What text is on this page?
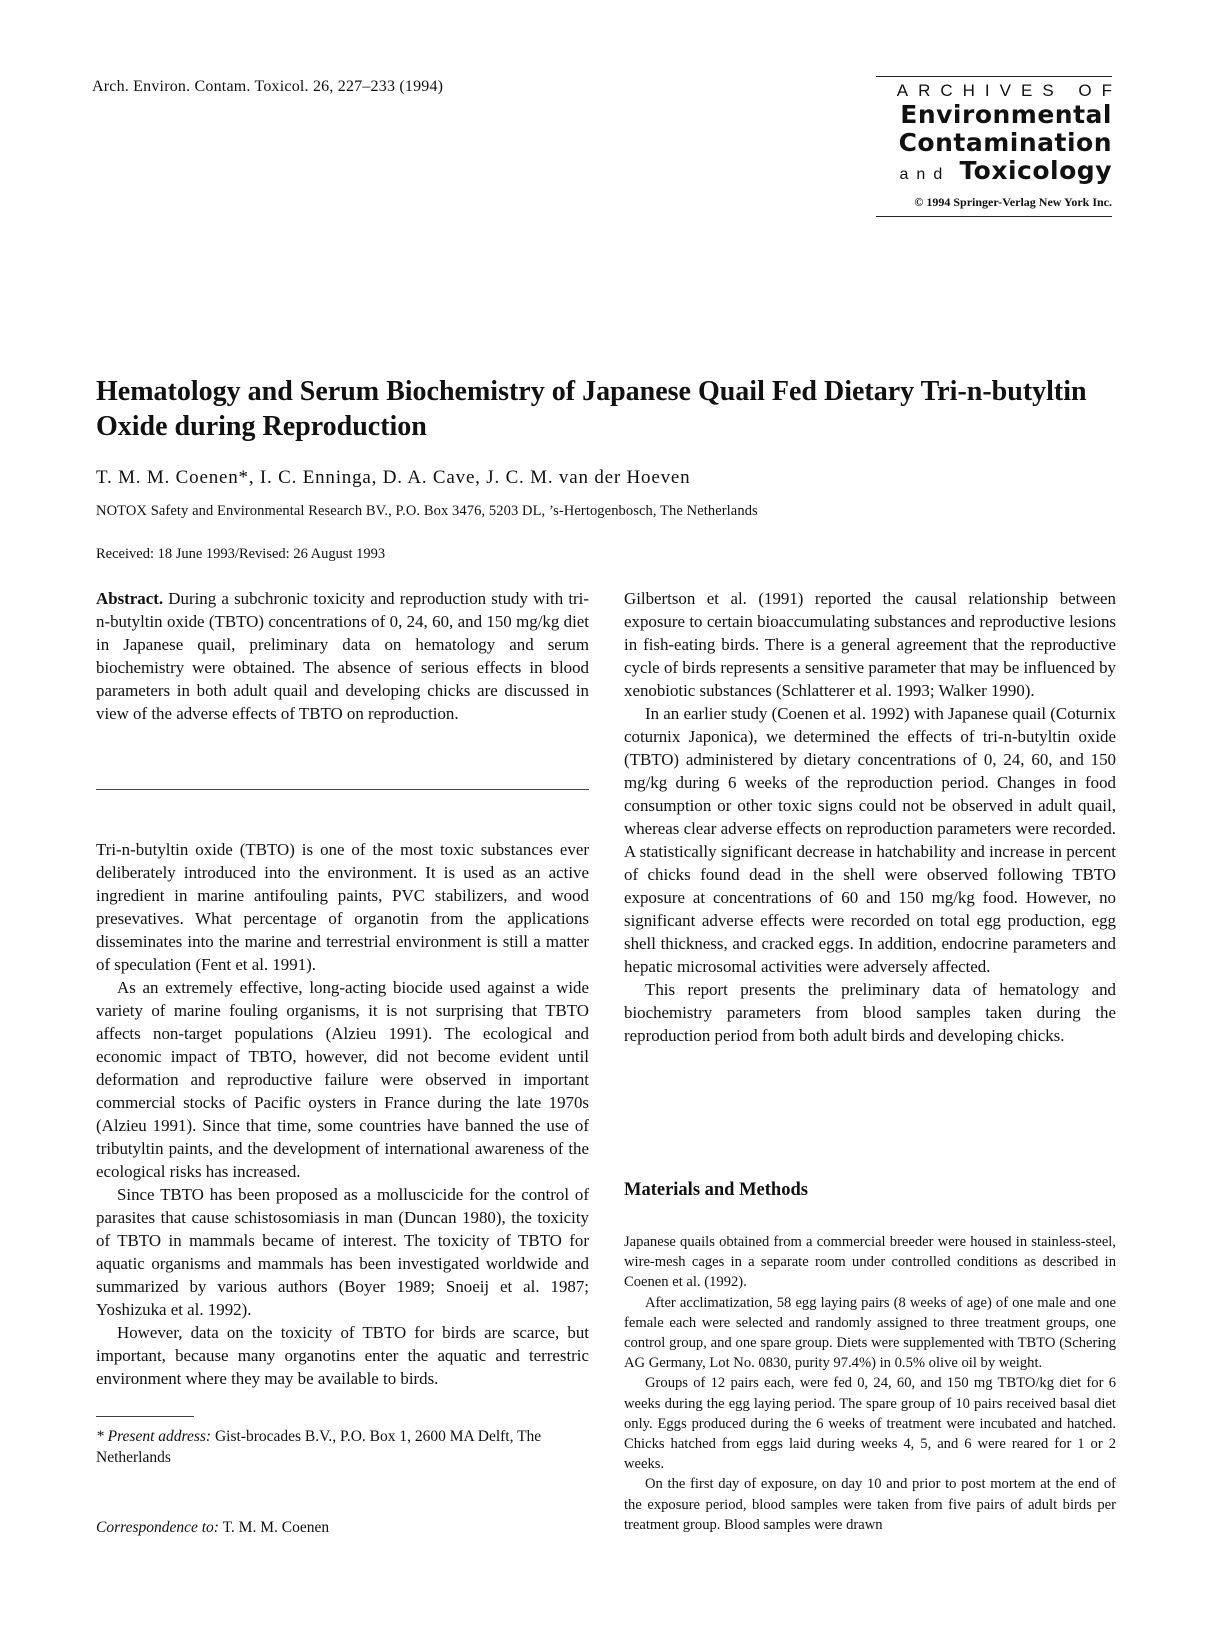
Arch. Environ. Contam. Toxicol. 26, 227–233 (1994)	ARCHIVES OF
Environmental
Contamination
and Toxicology
© 1994 Springer-Verlag New York Inc.
Hematology and Serum Biochemistry of Japanese Quail Fed Dietary Tri-n-butyltin Oxide during Reproduction
T. M. M. Coenen*, I. C. Enninga, D. A. Cave, J. C. M. van der Hoeven
NOTOX Safety and Environmental Research BV., P.O. Box 3476, 5203 DL, ’s-Hertogenbosch, The Netherlands
Received: 18 June 1993/Revised: 26 August 1993

Abstract. During a subchronic toxicity and reproduction study with tri-n-butyltin oxide (TBTO) concentrations of 0, 24, 60, and 150 mg/kg diet in Japanese quail, preliminary data on hematology and serum biochemistry were obtained. The absence of serious effects in blood parameters in both adult quail and developing chicks are discussed in view of the adverse effects of TBTO on reproduction.

Tri-n-butyltin oxide (TBTO) is one of the most toxic substances ever deliberately introduced into the environment. It is used as an active ingredient in marine antifouling paints, PVC stabilizers, and wood presevatives. What percentage of organotin from the applications disseminates into the marine and terrestrial environment is still a matter of speculation (Fent et al. 1991).

As an extremely effective, long-acting biocide used against a wide variety of marine fouling organisms, it is not surprising that TBTO affects non-target populations (Alzieu 1991). The ecological and economic impact of TBTO, however, did not become evident until deformation and reproductive failure were observed in important commercial stocks of Pacific oysters in France during the late 1970s (Alzieu 1991). Since that time, some countries have banned the use of tributyltin paints, and the development of international awareness of the ecological risks has increased.

Since TBTO has been proposed as a molluscicide for the control of parasites that cause schistosomiasis in man (Duncan 1980), the toxicity of TBTO in mammals became of interest. The toxicity of TBTO for aquatic organisms and mammals has been investigated worldwide and summarized by various authors (Boyer 1989; Snoeij et al. 1987; Yoshizuka et al. 1992).

However, data on the toxicity of TBTO for birds are scarce, but important, because many organotins enter the aquatic and terrestric environment where they may be available to birds.

* Present address: Gist-brocades B.V., P.O. Box 1, 2600 MA Delft, The Netherlands
Correspondence to: T. M. M. Coenen

Gilbertson et al. (1991) reported the causal relationship between exposure to certain bioaccumulating substances and reproductive lesions in fish-eating birds. There is a general agreement that the reproductive cycle of birds represents a sensitive parameter that may be influenced by xenobiotic substances (Schlatterer et al. 1993; Walker 1990).

In an earlier study (Coenen et al. 1992) with Japanese quail (Coturnix coturnix Japonica), we determined the effects of tri-n-butyltin oxide (TBTO) administered by dietary concentrations of 0, 24, 60, and 150 mg/kg during 6 weeks of the reproduction period. Changes in food consumption or other toxic signs could not be observed in adult quail, whereas clear adverse effects on reproduction parameters were recorded. A statistically significant decrease in hatchability and increase in percent of chicks found dead in the shell were observed following TBTO exposure at concentrations of 60 and 150 mg/kg food. However, no significant adverse effects were recorded on total egg production, egg shell thickness, and cracked eggs. In addition, endocrine parameters and hepatic microsomal activities were adversely affected.

This report presents the preliminary data of hematology and biochemistry parameters from blood samples taken during the reproduction period from both adult birds and developing chicks.

Materials and Methods

Japanese quails obtained from a commercial breeder were housed in stainless-steel, wire-mesh cages in a separate room under controlled conditions as described in Coenen et al. (1992).

After acclimatization, 58 egg laying pairs (8 weeks of age) of one male and one female each were selected and randomly assigned to three treatment groups, one control group, and one spare group. Diets were supplemented with TBTO (Schering AG Germany, Lot No. 0830, purity 97.4%) in 0.5% olive oil by weight.

Groups of 12 pairs each, were fed 0, 24, 60, and 150 mg TBTO/kg diet for 6 weeks during the egg laying period. The spare group of 10 pairs received basal diet only. Eggs produced during the 6 weeks of treatment were incubated and hatched. Chicks hatched from eggs laid during weeks 4, 5, and 6 were reared for 1 or 2 weeks.

On the first day of exposure, on day 10 and prior to post mortem at the end of the exposure period, blood samples were taken from five pairs of adult birds per treatment group. Blood samples were drawn
